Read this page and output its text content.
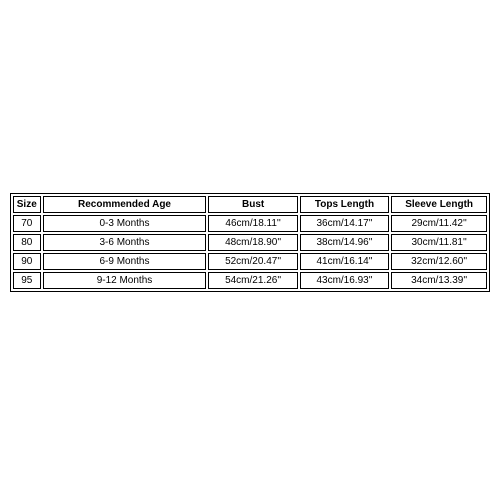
Size	Recommended Age	Bust	Tops Length	Sleeve Length
70	0-3 Months	46cm/18.11''	36cm/14.17''	29cm/11.42''
80	3-6 Months	48cm/18.90''	38cm/14.96''	30cm/11.81''
90	6-9 Months	52cm/20.47''	41cm/16.14''	32cm/12.60''
95	9-12 Months	54cm/21.26''	43cm/16.93''	34cm/13.39''
